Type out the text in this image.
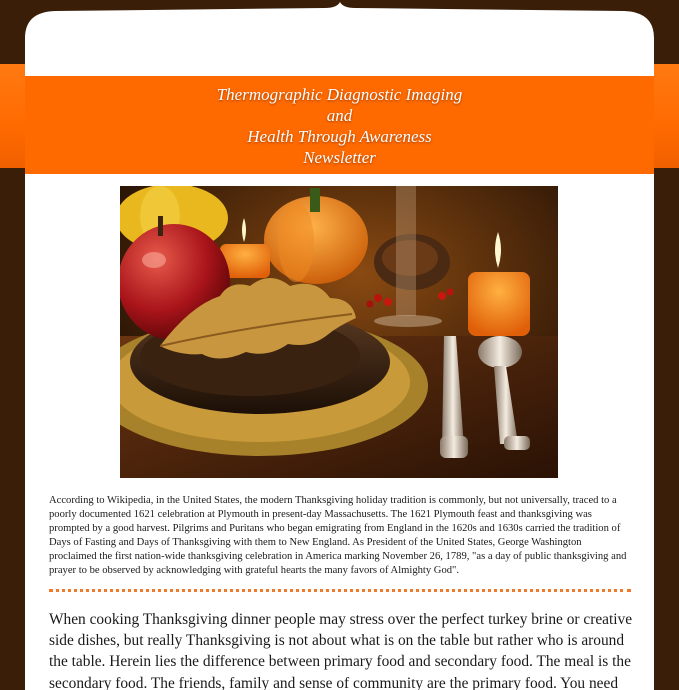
Thermographic Diagnostic Imaging
and
Health Through Awareness
Newsletter

According to Wikipedia, in the United States, the modern Thanksgiving holiday tradition is commonly, but not universally, traced to a poorly documented 1621 celebration at Plymouth in present-day Massachusetts. The 1621 Plymouth feast and thanksgiving was prompted by a good harvest. Pilgrims and Puritans who began emigrating from England in the 1620s and 1630s carried the tradition of Days of Fasting and Days of Thanksgiving with them to New England. As President of the United States, George Washington proclaimed the first nation-wide thanksgiving celebration in America marking November 26, 1789, "as a day of public thanksgiving and prayer to be observed by acknowledging with grateful hearts the many favors of Almighty God".

When cooking Thanksgiving dinner people may stress over the perfect turkey brine or creative side dishes, but really Thanksgiving is not about what is on the table but rather who is around the table. Herein lies the difference between primary food and secondary food. The meal is the secondary food. The friends, family and sense of community are the primary food. You need
